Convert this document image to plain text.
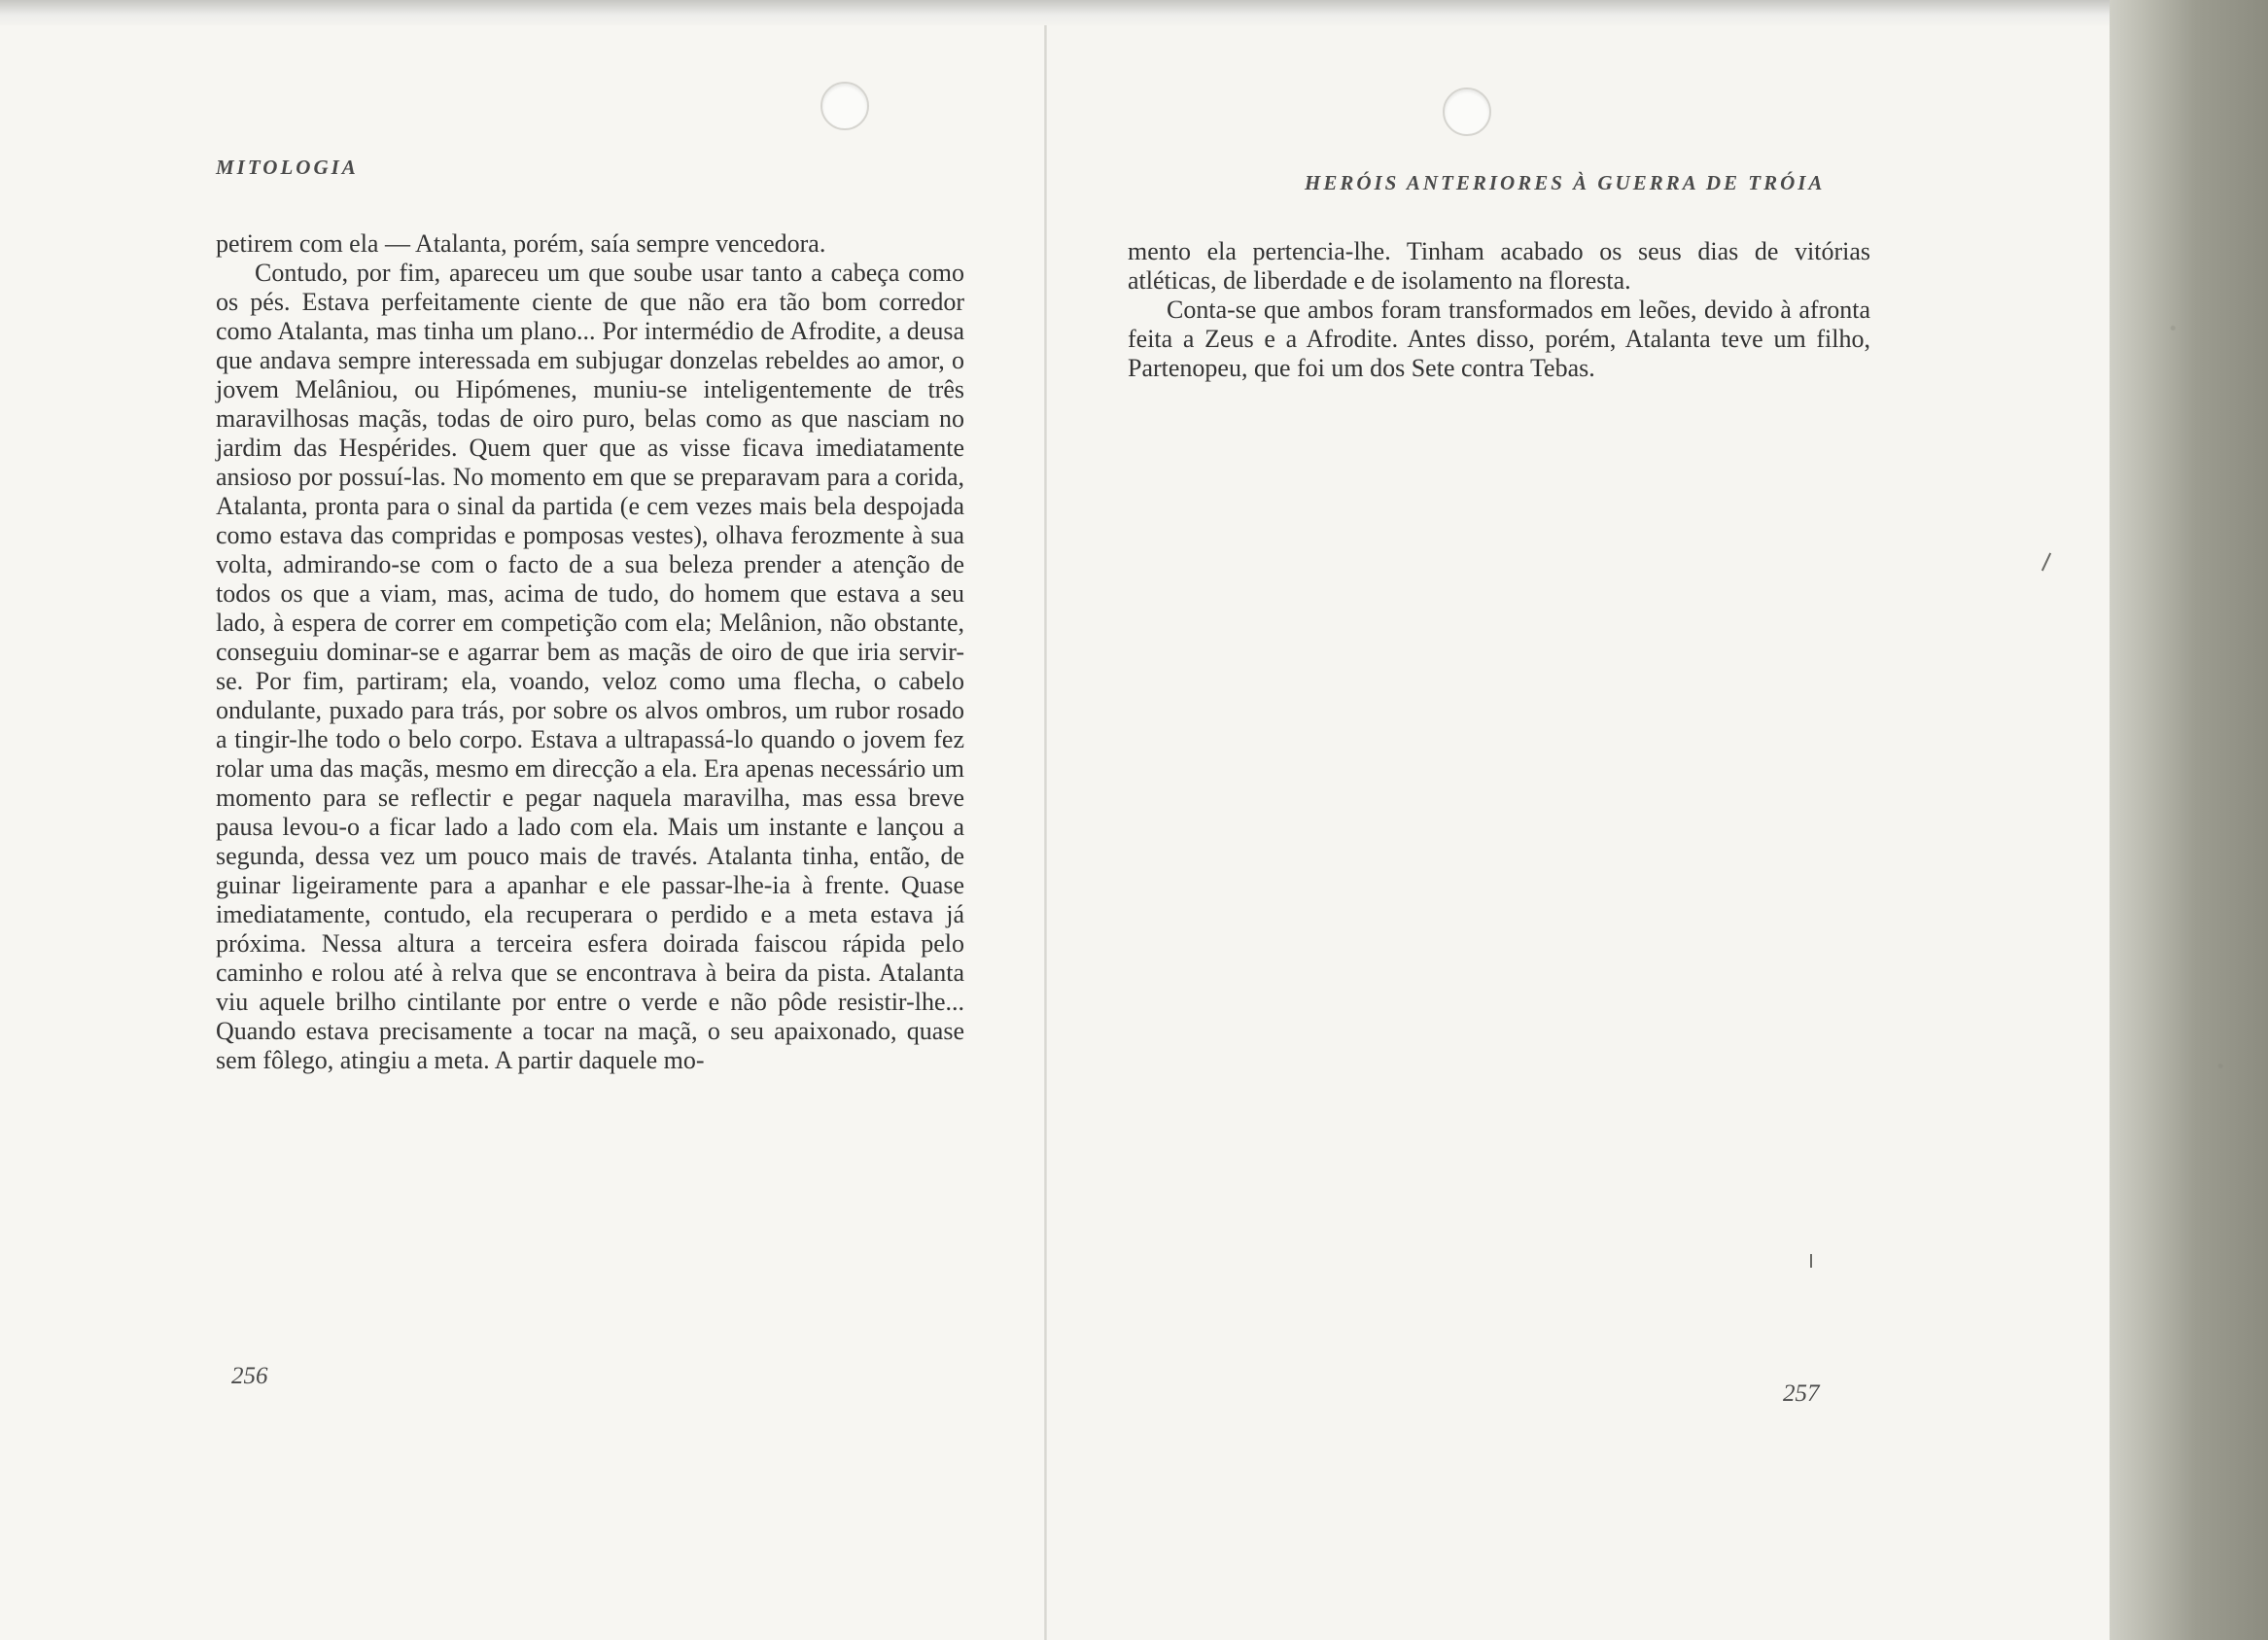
MITOLOGIA

petirem com ela — Atalanta, porém, saía sempre vencedora.

Contudo, por fim, apareceu um que soube usar tanto a cabeça como os pés. Estava perfeitamente ciente de que não era tão bom corredor como Atalanta, mas tinha um plano... Por intermédio de Afrodite, a deusa que andava sempre interessada em subjugar donzelas rebeldes ao amor, o jovem Melâniou, ou Hipómenes, muniu-se inteligentemente de três maravilhosas maçãs, todas de oiro puro, belas como as que nasciam no jardim das Hespérides. Quem quer que as visse ficava imediatamente ansioso por possuí-las. No momento em que se preparavam para a corida, Atalanta, pronta para o sinal da partida (e cem vezes mais bela despojada como estava das compridas e pomposas vestes), olhava ferozmente à sua volta, admirando-se com o facto de a sua beleza prender a atenção de todos os que a viam, mas, acima de tudo, do homem que estava a seu lado, à espera de correr em competição com ela; Melânion, não obstante, conseguiu dominar-se e agarrar bem as maçãs de oiro de que iria servir-se. Por fim, partiram; ela, voando, veloz como uma flecha, o cabelo ondulante, puxado para trás, por sobre os alvos ombros, um rubor rosado a tingir-lhe todo o belo corpo. Estava a ultrapassá-lo quando o jovem fez rolar uma das maçãs, mesmo em direcção a ela. Era apenas necessário um momento para se reflectir e pegar naquela maravilha, mas essa breve pausa levou-o a ficar lado a lado com ela. Mais um instante e lançou a segunda, dessa vez um pouco mais de través. Atalanta tinha, então, de guinar ligeiramente para a apanhar e ele passar-lhe-ia à frente. Quase imediatamente, contudo, ela recuperara o perdido e a meta estava já próxima. Nessa altura a terceira esfera doirada faiscou rápida pelo caminho e rolou até à relva que se encontrava à beira da pista. Atalanta viu aquele brilho cintilante por entre o verde e não pôde resistir-lhe... Quando estava precisamente a tocar na maçã, o seu apaixonado, quase sem fôlego, atingiu a meta. A partir daquele mo-

256

HERÓIS ANTERIORES À GUERRA DE TRÓIA

mento ela pertencia-lhe. Tinham acabado os seus dias de vitórias atléticas, de liberdade e de isolamento na floresta.

Conta-se que ambos foram transformados em leões, devido à afronta feita a Zeus e a Afrodite. Antes disso, porém, Atalanta teve um filho, Partenopeu, que foi um dos Sete contra Tebas.

257
